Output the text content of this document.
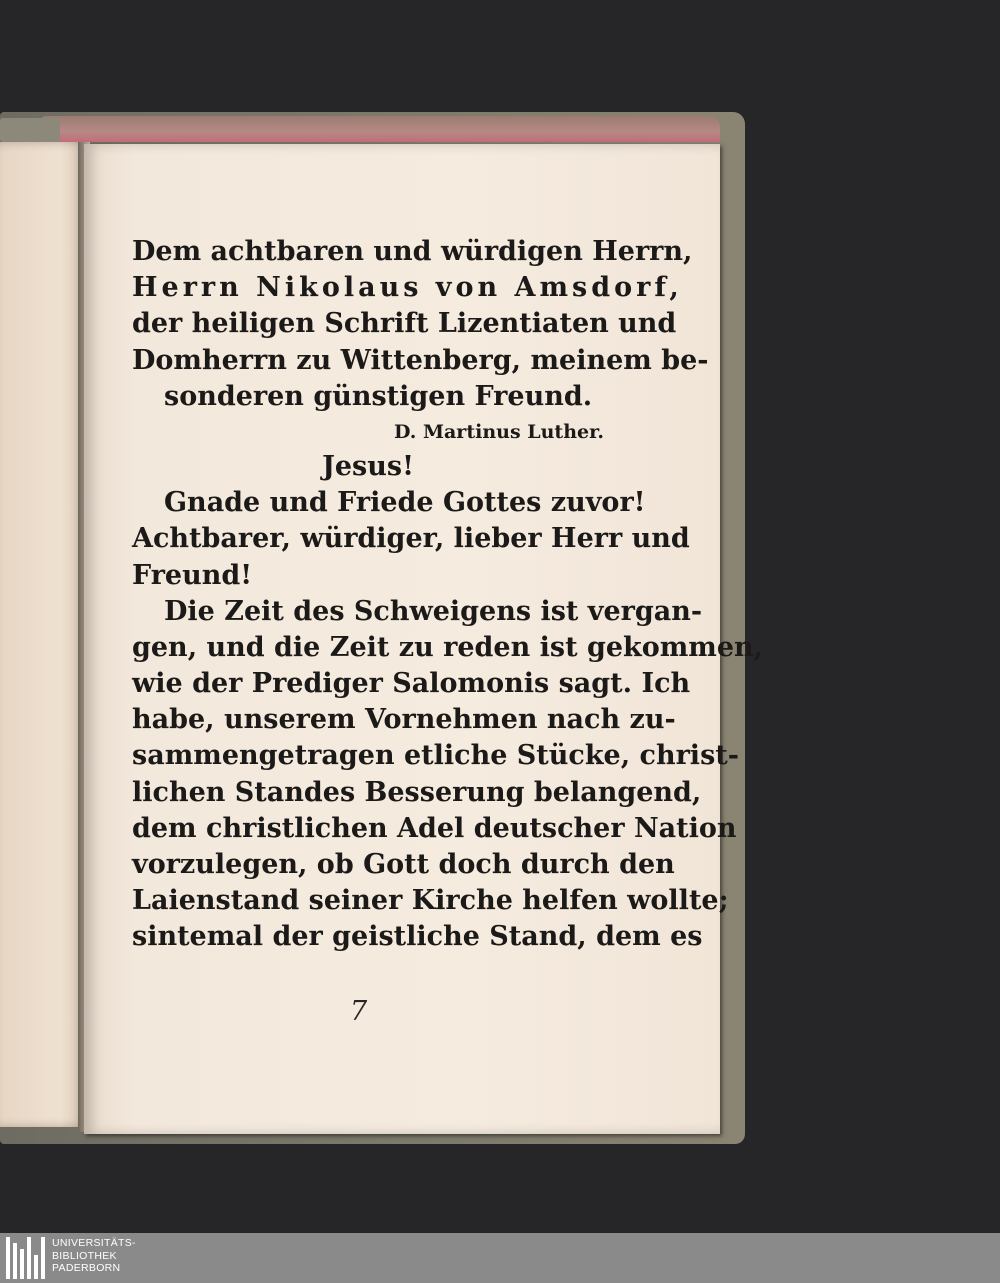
Dem achtbaren und würdigen Herrn,
Herrn Nikolaus von Amsdorf,
der heiligen Schrift Lizentiaten und
Domherrn zu Wittenberg, meinem be-
sonderen günstigen Freund.
D. Martinus Luther.
Jesus!
Gnade und Friede Gottes zuvor!
Achtbarer, würdiger, lieber Herr und
Freund!
Die Zeit des Schweigens ist vergan-
gen, und die Zeit zu reden ist gekommen,
wie der Prediger Salomonis sagt. Ich
habe, unserem Vornehmen nach zu-
sammengetragen etliche Stücke, christ-
lichen Standes Besserung belangend,
dem christlichen Adel deutscher Nation
vorzulegen, ob Gott doch durch den
Laienstand seiner Kirche helfen wollte;
sintemal der geistliche Stand, dem es
7
UNIVERSITÄTS-
BIBLIOTHEK
PADERBORN
